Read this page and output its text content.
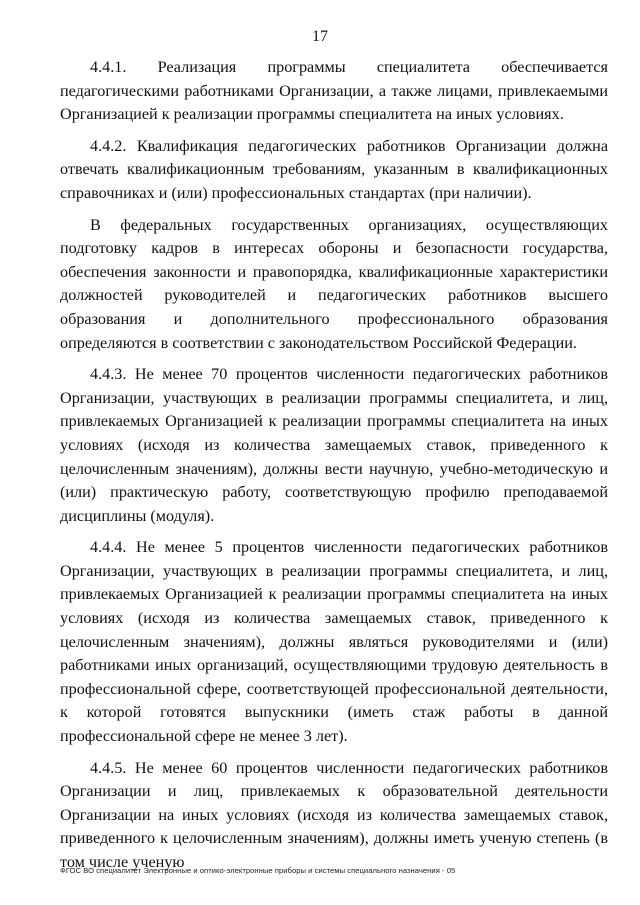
17

4.4.1. Реализация программы специалитета обеспечивается педагогическими работниками Организации, а также лицами, привлекаемыми Организацией к реализации программы специалитета на иных условиях.

4.4.2. Квалификация педагогических работников Организации должна отвечать квалификационным требованиям, указанным в квалификационных справочниках и (или) профессиональных стандартах (при наличии).

В федеральных государственных организациях, осуществляющих подготовку кадров в интересах обороны и безопасности государства, обеспечения законности и правопорядка, квалификационные характеристики должностей руководителей и педагогических работников высшего образования и дополнительного профессионального образования определяются в соответствии с законодательством Российской Федерации.

4.4.3. Не менее 70 процентов численности педагогических работников Организации, участвующих в реализации программы специалитета, и лиц, привлекаемых Организацией к реализации программы специалитета на иных условиях (исходя из количества замещаемых ставок, приведенного к целочисленным значениям), должны вести научную, учебно-методическую и (или) практическую работу, соответствующую профилю преподаваемой дисциплины (модуля).

4.4.4. Не менее 5 процентов численности педагогических работников Организации, участвующих в реализации программы специалитета, и лиц, привлекаемых Организацией к реализации программы специалитета на иных условиях (исходя из количества замещаемых ставок, приведенного к целочисленным значениям), должны являться руководителями и (или) работниками иных организаций, осуществляющими трудовую деятельность в профессиональной сфере, соответствующей профессиональной деятельности, к которой готовятся выпускники (иметь стаж работы в данной профессиональной сфере не менее 3 лет).

4.4.5. Не менее 60 процентов численности педагогических работников Организации и лиц, привлекаемых к образовательной деятельности Организации на иных условиях (исходя из количества замещаемых ставок, приведенного к целочисленным значениям), должны иметь ученую степень (в том числе ученую

ФГОС ВО специалитет Электронные и оптико-электронные приборы и системы специального назначения - 05
